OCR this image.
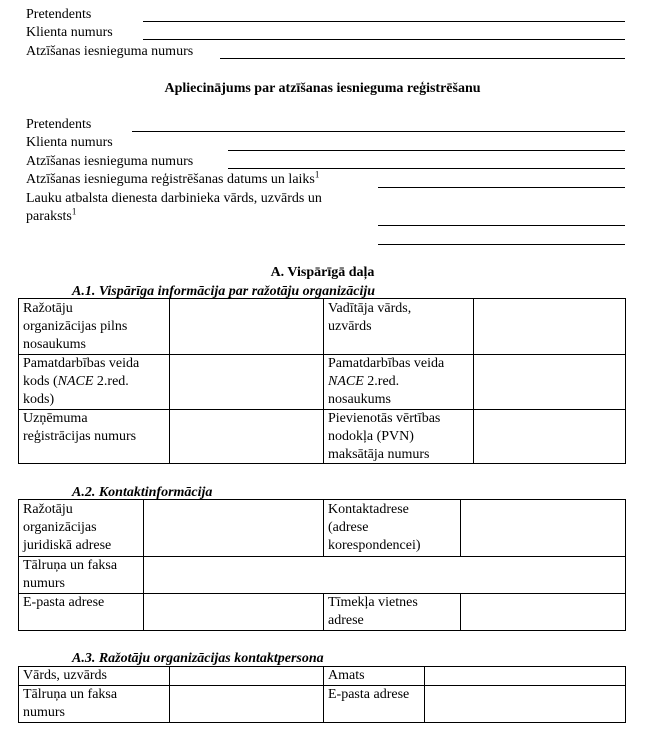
Pretendents
Klienta numurs
Atzīšanas iesnieguma numurs
Apliecinājums par atzīšanas iesnieguma reģistrēšanu
Pretendents
Klienta numurs
Atzīšanas iesnieguma numurs
Atzīšanas iesnieguma reģistrēšanas datums un laiks$^1$
Lauku atbalsta dienesta darbinieka vārds, uzvārds un
paraksts$^1$
A. Vispārīgā daļa
A.1. Vispārīga informācija par ražotāju organizāciju
Ražotāju
organizācijas pilns
nosaukums
Vadītāja vārds,
uzvārds
Pamatdarbības veida
kods (NACE 2.red.
kods)
Pamatdarbības veida
NACE 2.red.
nosaukums
Uzņēmuma
reģistrācijas numurs
Pievienotās vērtības
nodokļa (PVN)
maksātāja numurs
A.2. Kontaktinformācija
Ražotāju
organizācijas
juridiskā adrese
Kontaktadrese
(adrese
korespondencei)
Tālruņa un faksa
numurs
E-pasta adrese	Tīmekļa vietnes
adrese
A.3. Ražotāju organizācijas kontaktpersona
Vārds, uzvārds	Amats
Tālruņa un faksa
numurs
E-pasta adrese
